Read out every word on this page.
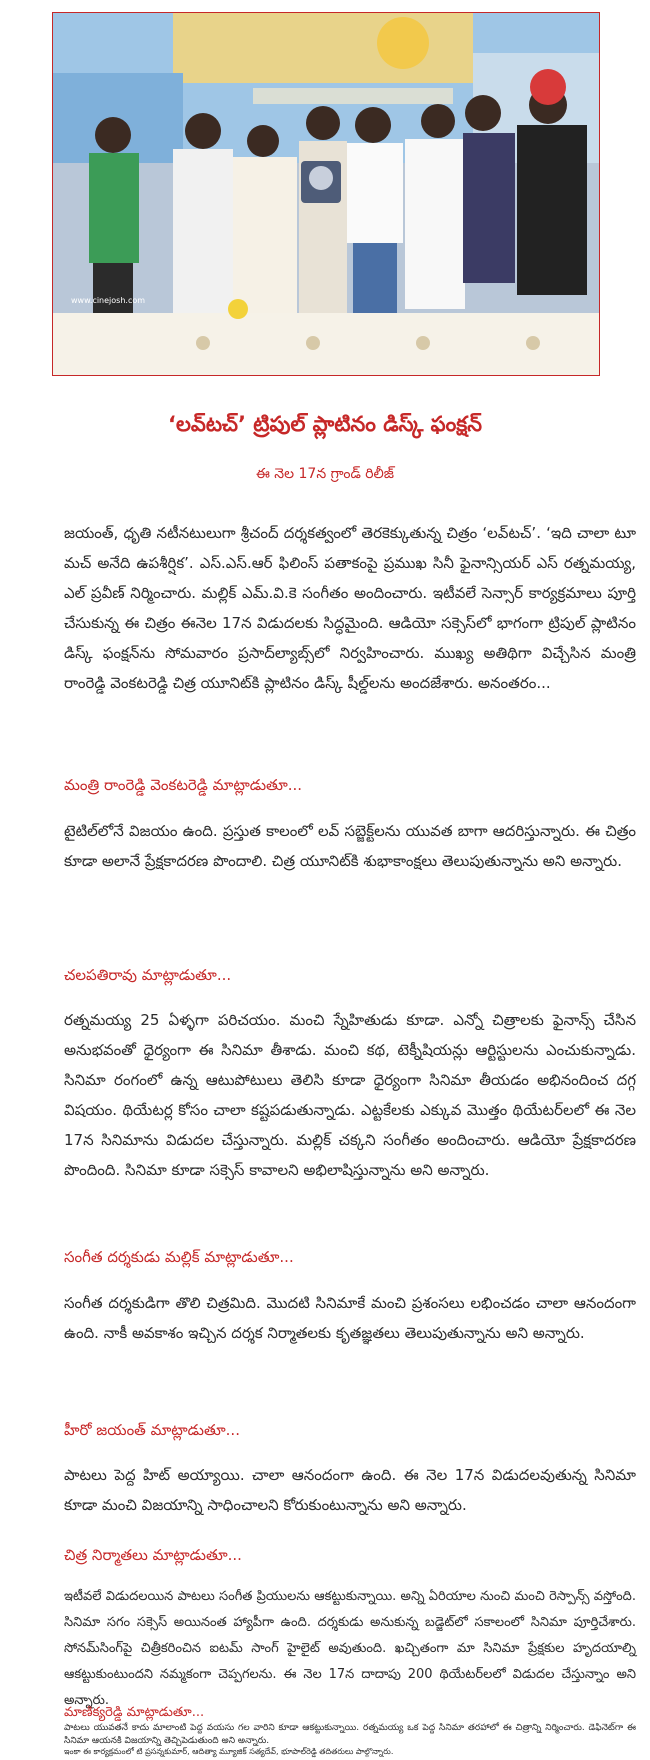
www.cinejosh.com
‘లవ్‌టచ్‌’ ట్రిపుల్‌ ప్లాటినం డిస్క్‌ ఫంక్షన్‌

ఈ నెల 17న గ్రాండ్‌ రిలీజ్‌

జయంత్‌, ధృతి నటీనటులుగా శ్రీచంద్‌ దర్శకత్వంలో తెరకెక్కుతున్న చిత్రం ‘లవ్‌టచ్‌’. ‘ఇది చాలా టూ మచ్‌ అనేది ఉపశీర్షిక’. ఎస్‌.ఎస్‌.ఆర్‌ ఫిలింస్‌ పతాకంపై ప్రముఖ సినీ ఫైనాన్సియర్‌ ఎస్‌ రత్నమయ్య, ఎల్‌ ప్రవీణ్‌ నిర్మించారు. మల్లిక్‌ ఎమ్‌.వి.కె సంగీతం అందించారు. ఇటీవలే సెన్సార్‌ కార్యక్రమాలు పూర్తి చేసుకున్న ఈ చిత్రం ఈనెల 17న విడుదలకు సిద్ధమైంది. ఆడియో సక్సెస్‌లో భాగంగా ట్రిపుల్‌ ప్లాటినం డిస్క్‌ ఫంక్షన్‌ను సోమవారం ప్రసాద్‌ల్యాబ్స్‌లో నిర్వహించారు. ముఖ్య అతిథిగా విచ్చేసిన మంత్రి రాంరెడ్డి వెంకటరెడ్డి చిత్ర యూనిట్‌కి ప్లాటినం డిస్క్‌ షీల్డ్‌లను అందజేశారు. అనంతరం...

మంత్రి రాంరెడ్డి వెంకటరెడ్డి మాట్లాడుతూ...

టైటిల్‌లోనే విజయం ఉంది. ప్రస్తుత కాలంలో లవ్‌ సబ్జెక్ట్‌లను యువత బాగా ఆదరిస్తున్నారు. ఈ చిత్రం కూడా అలానే ప్రేక్షకాదరణ పొందాలి. చిత్ర యూనిట్‌కి శుభాకాంక్షలు తెలుపుతున్నాను అని అన్నారు.

చలపతిరావు మాట్లాడుతూ...

రత్నమయ్య 25 ఏళ్ళగా పరిచయం. మంచి స్నేహితుడు కూడా. ఎన్నో చిత్రాలకు ఫైనాన్స్‌ చేసిన అనుభవంతో ధైర్యంగా ఈ సినిమా తీశాడు. మంచి కథ, టెక్నీషియన్లు ఆర్టిస్టులను ఎంచుకున్నాడు. సినిమా రంగంలో ఉన్న ఆటుపోటులు తెలిసి కూడా ధైర్యంగా సినిమా తీయడం అభినందించ దగ్గ విషయం. థియేటర్ల కోసం చాలా కష్టపడుతున్నాడు. ఎట్టకేలకు ఎక్కువ మొత్తం థియేటర్‌లలో ఈ నెల 17న సినిమాను విడుదల చేస్తున్నారు. మల్లిక్‌ చక్కని సంగీతం అందించారు. ఆడియో ప్రేక్షకాదరణ పొందింది. సినిమా కూడా సక్సెస్‌ కావాలని అభిలాషిస్తున్నాను అని అన్నారు.

సంగీత దర్శకుడు మల్లిక్‌ మాట్లాడుతూ...

సంగీత దర్శకుడిగా తొలి చిత్రమిది. మొదటి సినిమాకే మంచి ప్రశంసలు లభించడం చాలా ఆనందంగా ఉంది. నాకీ అవకాశం ఇచ్చిన దర్శక నిర్మాతలకు కృతజ్ఞతలు తెలుపుతున్నాను అని అన్నారు.

హీరో జయంత్‌ మాట్లాడుతూ...

పాటలు పెద్ద హిట్‌ అయ్యాయి. చాలా ఆనందంగా ఉంది. ఈ నెల 17న విడుదలవుతున్న సినిమా కూడా మంచి విజయాన్ని సాధించాలని కోరుకుంటున్నాను అని అన్నారు.

చిత్ర నిర్మాతలు మాట్లాడుతూ...

ఇటీవలే విడుదలయిన పాటలు సంగీత ప్రియులను ఆకట్టుకున్నాయి. అన్ని ఏరియాల నుంచి మంచి రెస్పాన్స్‌ వస్తోంది. సినిమా సగం సక్సెస్‌ అయినంత హ్యాపీగా ఉంది. దర్శకుడు అనుకున్న బడ్జెట్‌లో సకాలంలో సినిమా పూర్తిచేశారు. సోనమ్‌సింగ్‌పై చిత్రీకరించిన ఐటమ్‌ సాంగ్‌ హైలైట్‌ అవుతుంది. ఖచ్చితంగా మా సినిమా ప్రేక్షకుల హృదయాల్ని ఆకట్టుకుంటుందని నమ్మకంగా చెప్పగలను. ఈ నెల 17న దాదాపు 200 థియేటర్‌లలో విడుదల చేస్తున్నాం అని అన్నారు.

మాణిక్యరెడ్డి మాట్లాడుతూ...

పాటలు యువతనే కాదు మాలాంటి పెద్ద వయసు గల వారిని కూడా ఆకట్టుకున్నాయి. రత్నమయ్య ఒక పెద్ద సినిమా తరహాలో ఈ చిత్రాన్ని నిర్మించారు. డెఫినెట్‌గా ఈ సినిమా ఆయనకి విజయాన్ని తెచ్చిపెడుతుంది అని అన్నారు.

ఇంకా ఈ కార్యక్రమంలో టి ప్రసన్నకుమార్‌, ఆదిత్యా మ్యూజిక్‌ సత్యదేవ్‌, భూపాల్‌రెడ్డి తదితరులు పాల్గొన్నారు.
